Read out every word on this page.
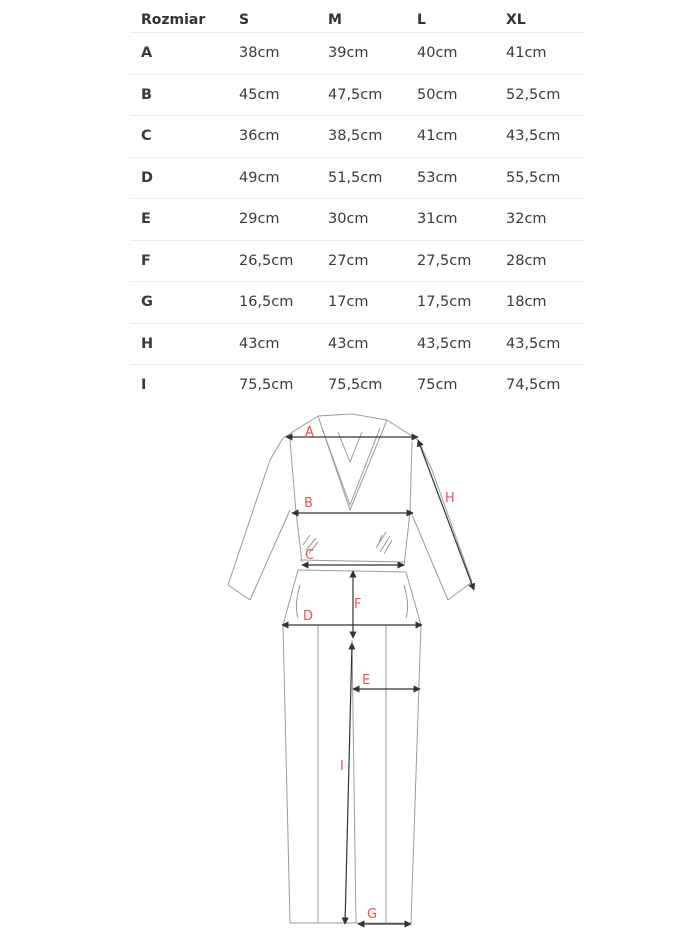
Rozmiar S	M	L	XL
A	38cm	39cm	40cm	41cm
B	45cm	47,5cm 50cm	52,5cm
C	36cm	38,5cm 41cm	43,5cm
D	49cm	51,5cm 53cm	55,5cm
E	29cm	30cm	31cm	32cm
F	26,5cm 27cm	27,5cm 28cm
G	16,5cm 17cm	17,5cm 18cm
H	43cm	43cm	43,5cm 43,5cm
I	75,5cm 75,5cm 75cm	74,5cm
A
B
C
D
E
F
G
H
I
